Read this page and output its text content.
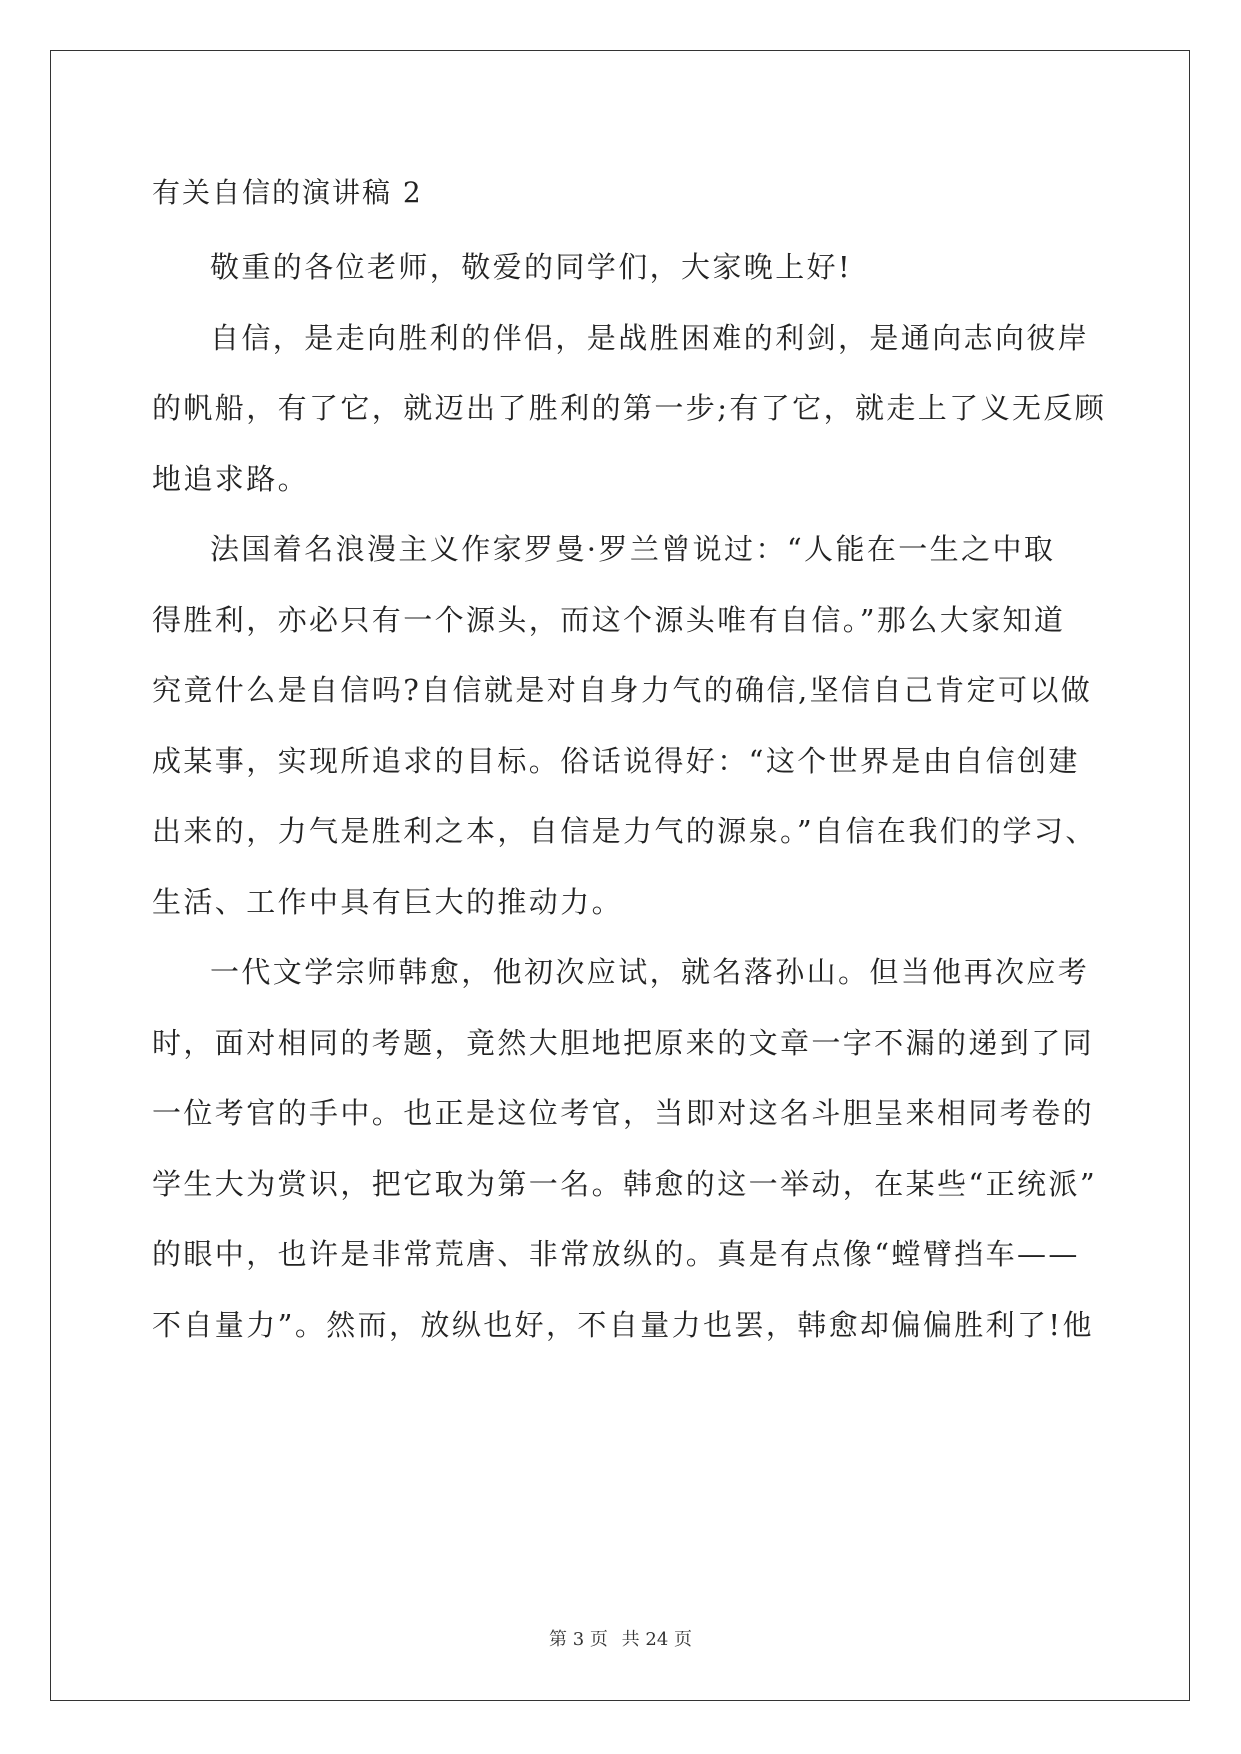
有关自信的演讲稿 2
敬重的各位老师，敬爱的同学们，大家晚上好!
自信，是走向胜利的伴侣，是战胜困难的利剑，是通向志向彼岸
的帆船，有了它，就迈出了胜利的第一步;有了它，就走上了义无反顾
地追求路。
法国着名浪漫主义作家罗曼·罗兰曾说过：“人能在一生之中取
得胜利，亦必只有一个源头，而这个源头唯有自信。”那么大家知道
究竟什么是自信吗?自信就是对自身力气的确信,坚信自己肯定可以做
成某事，实现所追求的目标。俗话说得好：“这个世界是由自信创建
出来的，力气是胜利之本，自信是力气的源泉。”自信在我们的学习、
生活、工作中具有巨大的推动力。
一代文学宗师韩愈，他初次应试，就名落孙山。但当他再次应考
时，面对相同的考题，竟然大胆地把原来的文章一字不漏的递到了同
一位考官的手中。也正是这位考官，当即对这名斗胆呈来相同考卷的
学生大为赏识，把它取为第一名。韩愈的这一举动，在某些“正统派”
的眼中，也许是非常荒唐、非常放纵的。真是有点像“螳臂挡车——
不自量力”。然而，放纵也好，不自量力也罢，韩愈却偏偏胜利了!他
第 3 页 共 24 页
